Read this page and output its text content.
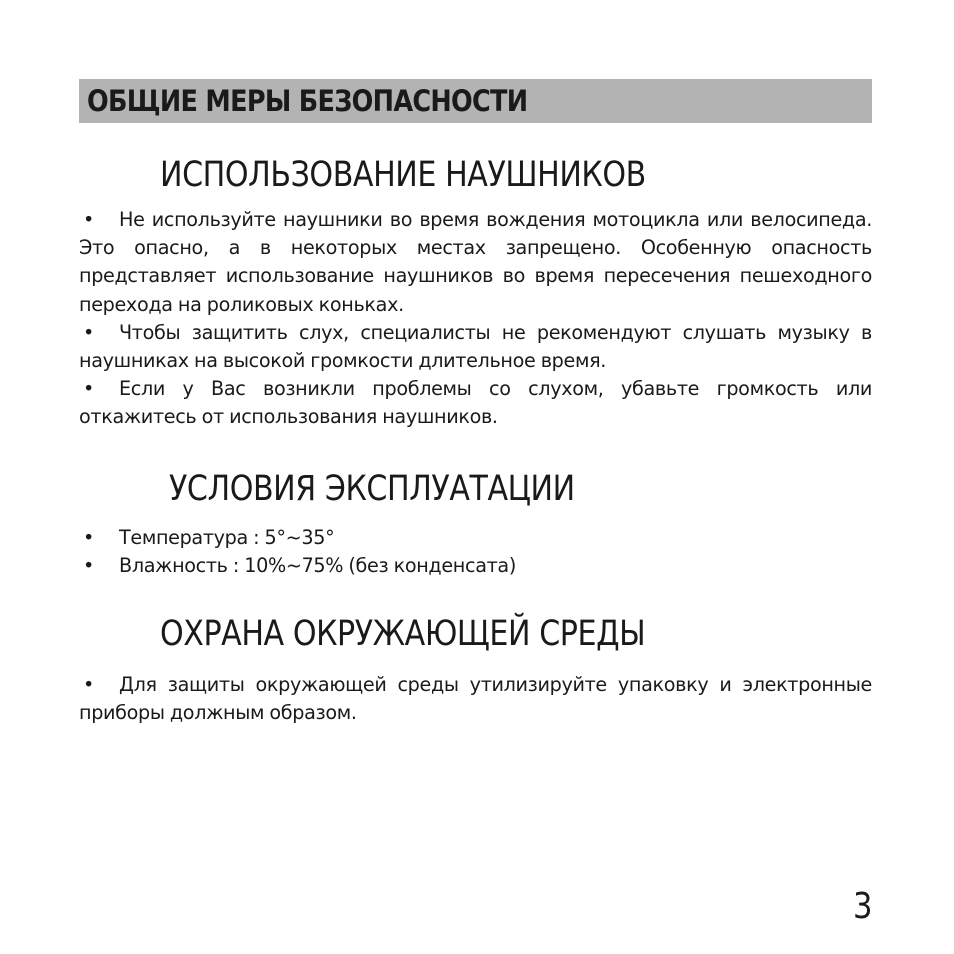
ОБЩИЕ МЕРЫ БЕЗОПАСНОСТИ
ИСПОЛЬЗОВАНИЕ НАУШНИКОВ

• Не используйте наушники во время вождения мотоцикла или велосипеда. Это опасно, а в некоторых местах запрещено. Особенную опасность представляет использование наушников во время пересечения пешеходного перехода на роликовых коньках.

• Чтобы защитить слух, специалисты не рекомендуют слушать музыку в наушниках на высокой громкости длительное время.

• Если у Вас возникли проблемы со слухом, убавьте громкость или откажитесь от использования наушников.

УСЛОВИЯ ЭКСПЛУАТАЦИИ

• Температура : 5°~35°

• Влажность : 10%~75% (без конденсата)

ОХРАНА ОКРУЖАЮЩЕЙ СРЕДЫ

• Для защиты окружающей среды утилизируйте упаковку и электронные приборы должным образом.

3
